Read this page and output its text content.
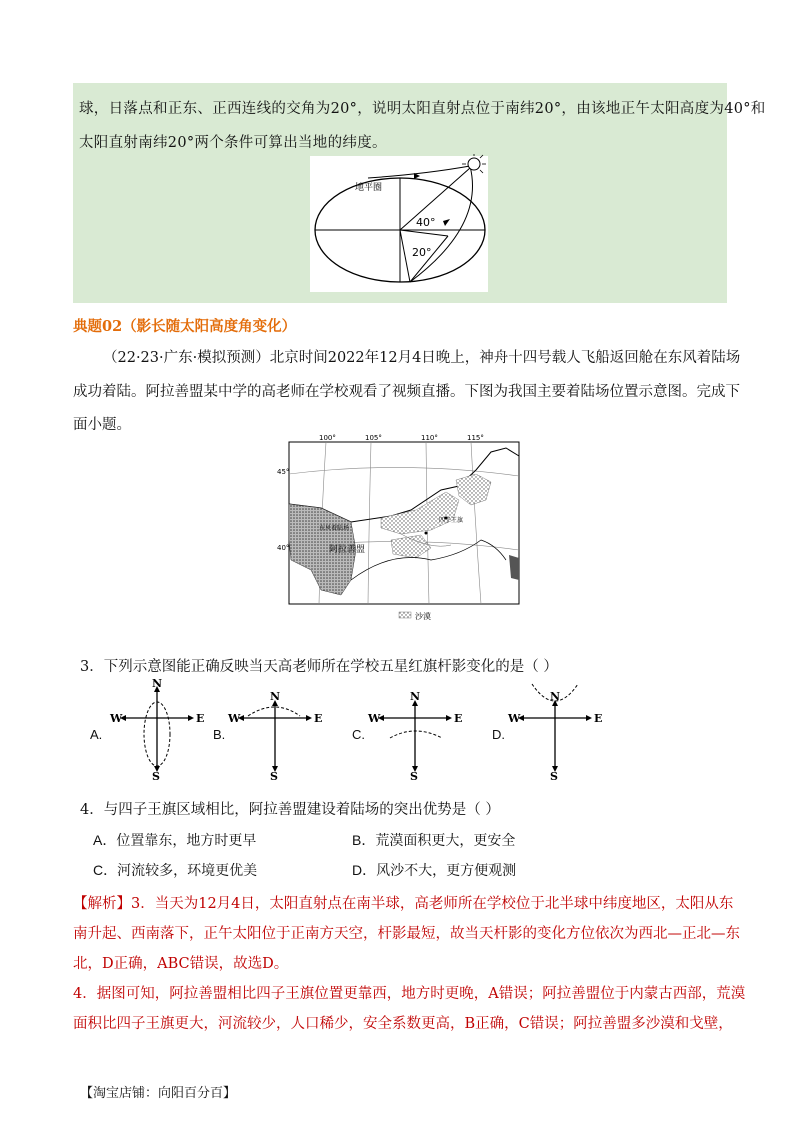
球，日落点和正东、正西连线的交角为20°，说明太阳直射点位于南纬20°，由该地正午太阳高度为40°和
太阳直射南纬20°两个条件可算出当地的纬度。
地平圈
40°
20°
典题02（影长随太阳高度角变化）
（22·23·广东·模拟预测）北京时间2022年12月4日晚上，神舟十四号载人飞船返回舱在东风着陆场
成功着陆。阿拉善盟某中学的高老师在学校观看了视频直播。下图为我国主要着陆场位置示意图。完成下
面小题。
100°	105°	110°	115°
45°
40°
东风着陆场
阿拉善盟
四子王旗
沙漠
3．下列示意图能正确反映当天高老师所在学校五星红旗杆影变化的是（ ）
A.
N
S
W	E
B.
N
S
W	E
C.
N
S
W	E
D.
N
S
W	E
4．与四子王旗区域相比，阿拉善盟建设着陆场的突出优势是（ ）
A．位置靠东，地方时更早	B．荒漠面积更大，更安全
C．河流较多，环境更优美	D．风沙不大，更方便观测
【解析】3．当天为12月4日，太阳直射点在南半球，高老师所在学校位于北半球中纬度地区，太阳从东
南升起、西南落下，正午太阳位于正南方天空，杆影最短，故当天杆影的变化方位依次为西北—正北—东
北，D正确，ABC错误，故选D。
4．据图可知，阿拉善盟相比四子王旗位置更靠西，地方时更晚，A错误；阿拉善盟位于内蒙古西部，荒漠
面积比四子王旗更大，河流较少，人口稀少，安全系数更高，B正确，C错误；阿拉善盟多沙漠和戈壁，
【淘宝店铺：向阳百分百】
